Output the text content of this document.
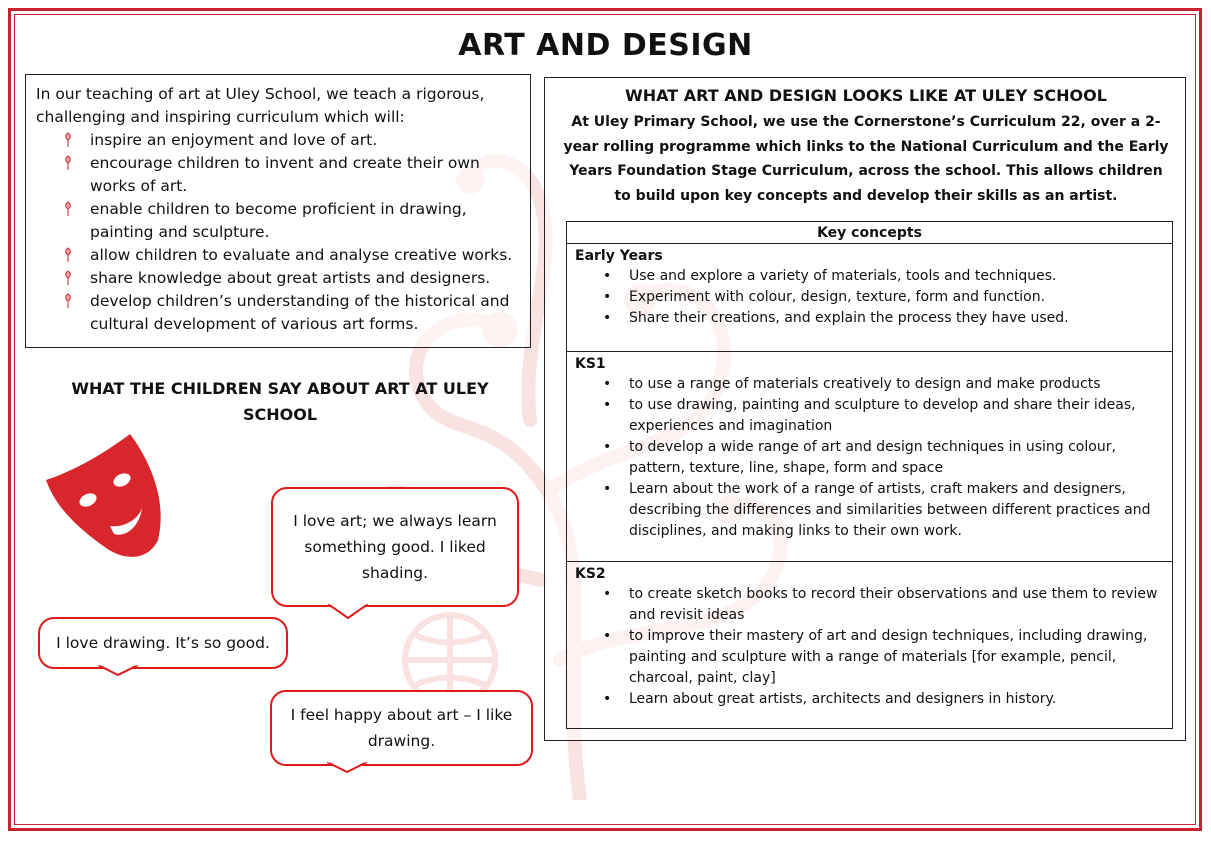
ART AND DESIGN

In our teaching of art at Uley School, we teach a rigorous, challenging and inspiring curriculum which will:

inspire an enjoyment and love of art.
encourage children to invent and create their own works of art.
enable children to become proficient in drawing, painting and sculpture.
allow children to evaluate and analyse creative works.
share knowledge about great artists and designers.
develop children’s understanding of the historical and cultural development of various art forms.
WHAT THE CHILDREN SAY ABOUT ART AT ULEY SCHOOL
I love art; we always learn something good. I liked shading.
I love drawing. It’s so good.
I feel happy about art – I like drawing.
WHAT ART AND DESIGN LOOKS LIKE AT ULEY SCHOOL
At Uley Primary School, we use the Cornerstone’s Curriculum 22, over a 2-year rolling programme which links to the National Curriculum and the Early Years Foundation Stage Curriculum, across the school. This allows children to build upon key concepts and develop their skills as an artist.
Key concepts
Early Years
• Use and explore a variety of materials, tools and techniques.
• Experiment with colour, design, texture, form and function.
• Share their creations, and explain the process they have used.
KS1
• to use a range of materials creatively to design and make products
• to use drawing, painting and sculpture to develop and share their ideas, experiences and imagination
• to develop a wide range of art and design techniques in using colour, pattern, texture, line, shape, form and space
• Learn about the work of a range of artists, craft makers and designers, describing the differences and similarities between different practices and disciplines, and making links to their own work.
KS2
• to create sketch books to record their observations and use them to review and revisit ideas
• to improve their mastery of art and design techniques, including drawing, painting and sculpture with a range of materials [for example, pencil, charcoal, paint, clay]
• Learn about great artists, architects and designers in history.
